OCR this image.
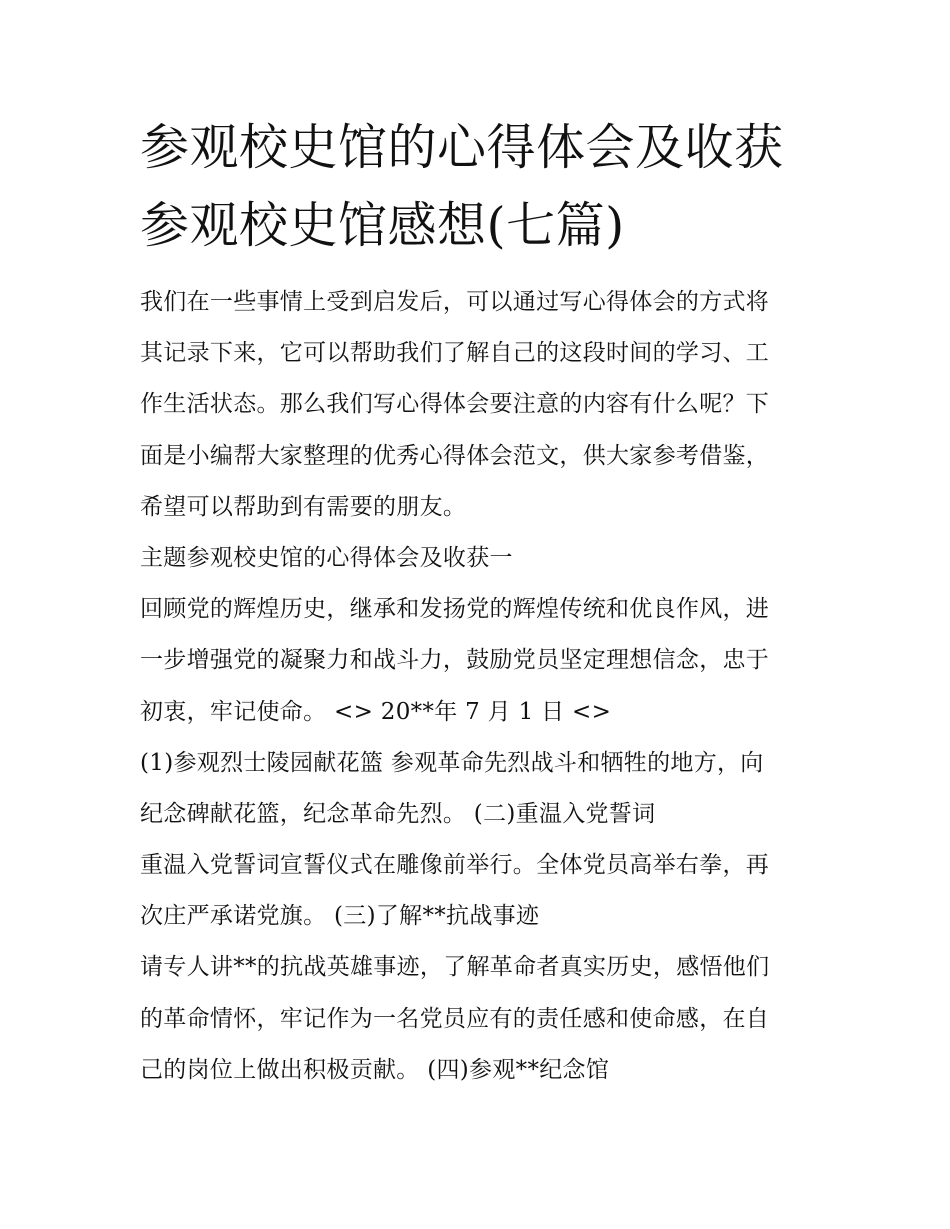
参观校史馆的心得体会及收获
参观校史馆感想(七篇)
我们在一些事情上受到启发后，可以通过写心得体会的方式将
其记录下来，它可以帮助我们了解自己的这段时间的学习、工
作生活状态。那么我们写心得体会要注意的内容有什么呢？下
面是小编帮大家整理的优秀心得体会范文，供大家参考借鉴，
希望可以帮助到有需要的朋友。
主题参观校史馆的心得体会及收获一
回顾党的辉煌历史，继承和发扬党的辉煌传统和优良作风，进
一步增强党的凝聚力和战斗力，鼓励党员坚定理想信念，忠于
初衷，牢记使命。 <> 20**年 7 月 1 日 <>
(1)参观烈士陵园献花篮 参观革命先烈战斗和牺牲的地方，向
纪念碑献花篮，纪念革命先烈。 (二)重温入党誓词
重温入党誓词宣誓仪式在雕像前举行。全体党员高举右拳，再
次庄严承诺党旗。 (三)了解**抗战事迹
请专人讲**的抗战英雄事迹，了解革命者真实历史，感悟他们
的革命情怀，牢记作为一名党员应有的责任感和使命感，在自
己的岗位上做出积极贡献。 (四)参观**纪念馆
